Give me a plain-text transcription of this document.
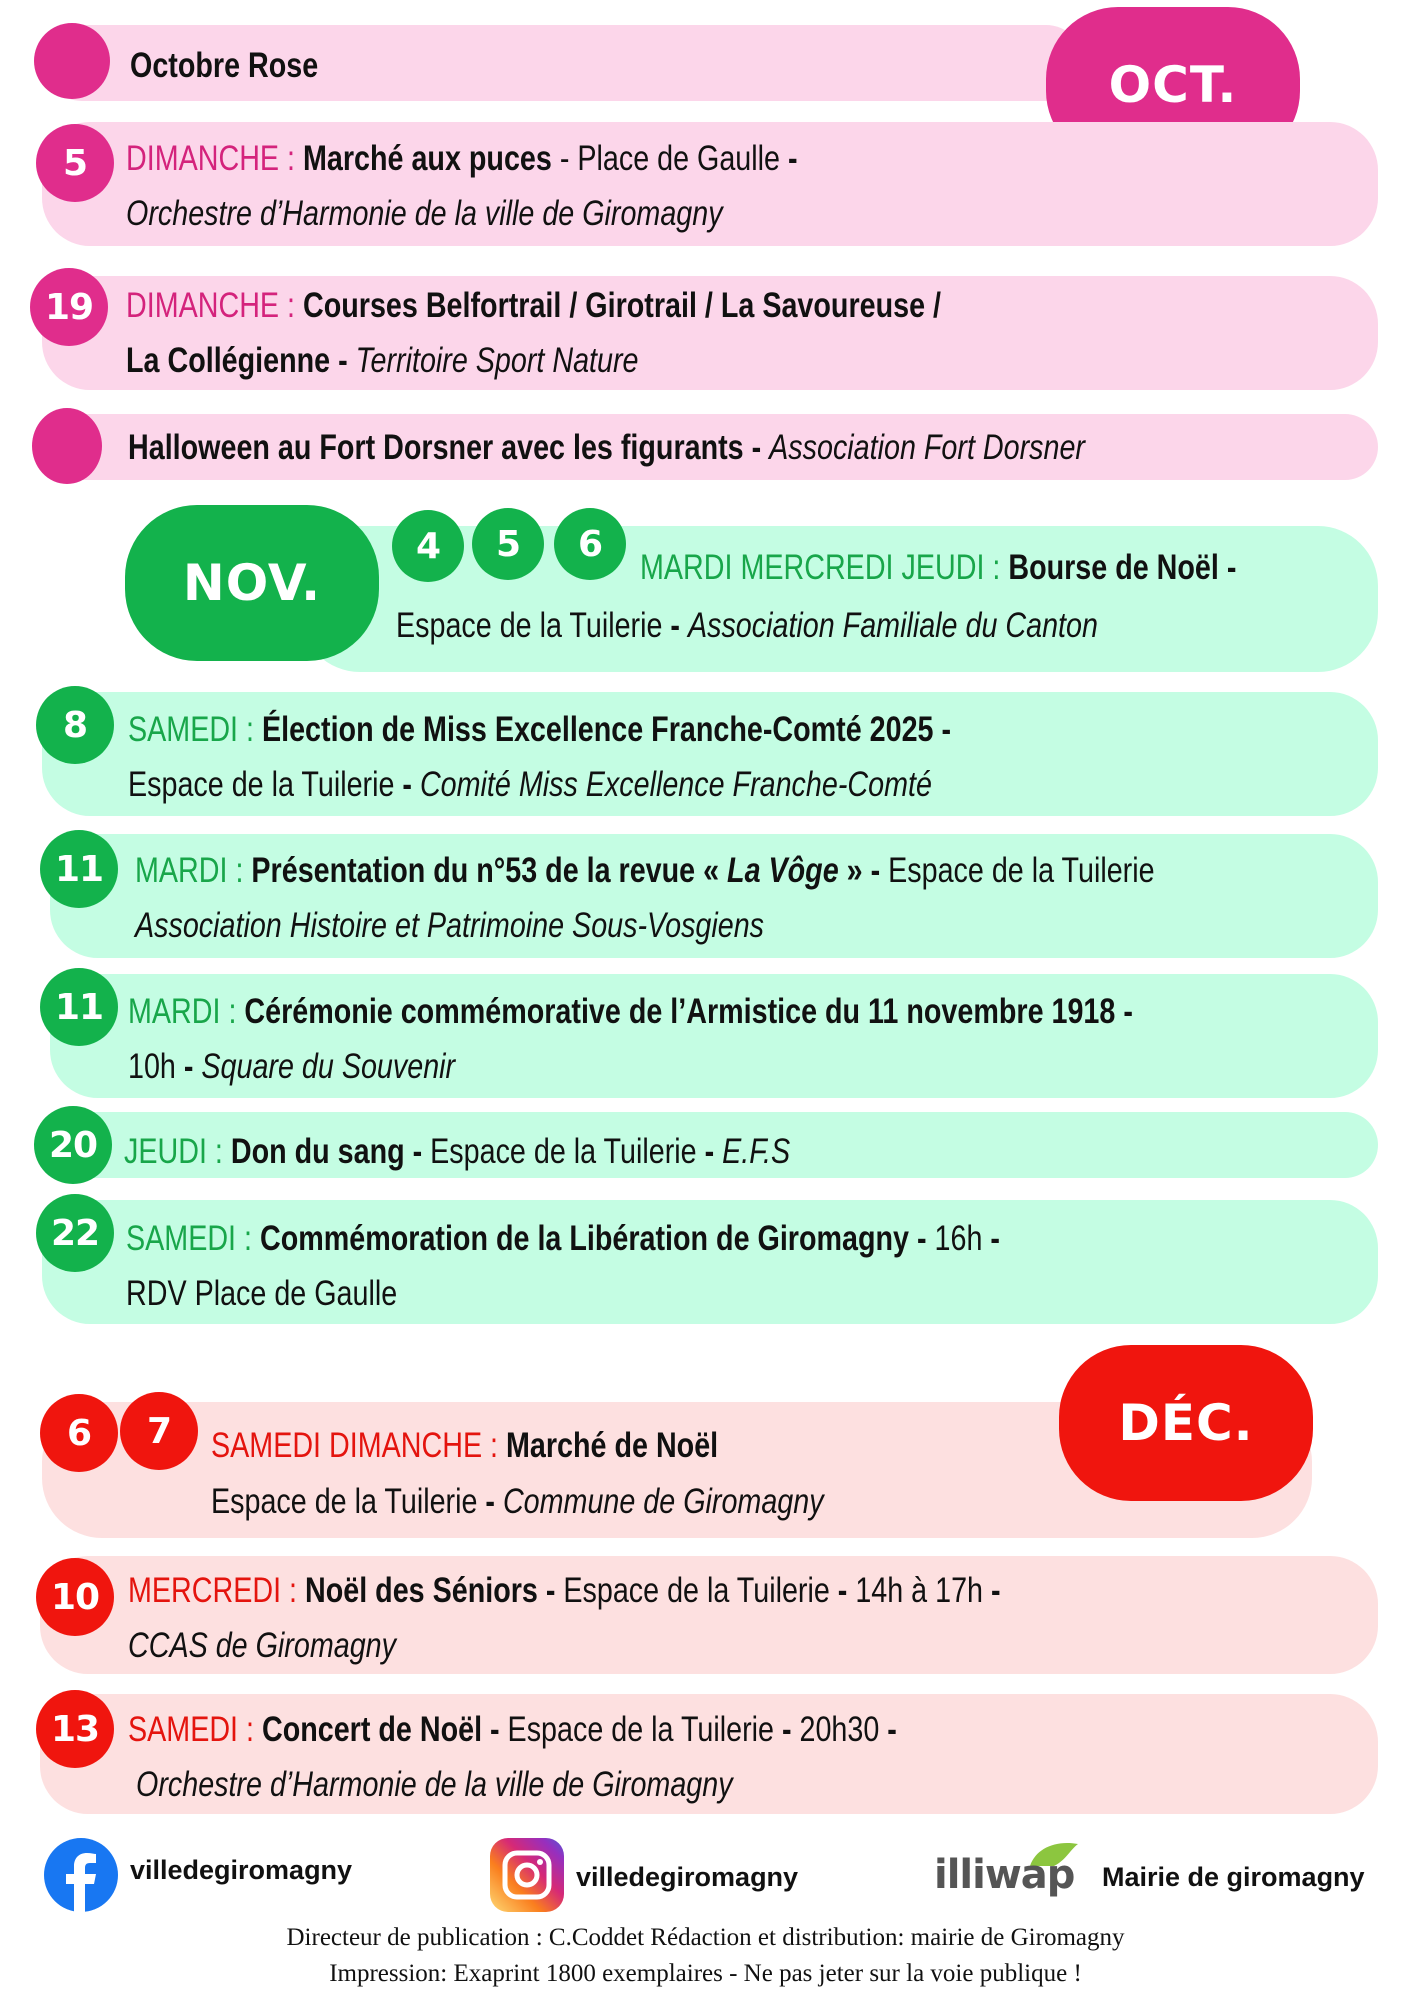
Octobre Rose	OCT.
5	DIMANCHE : Marché aux puces - Place de Gaulle -
Orchestre d’Harmonie de la ville de Giromagny
19 DIMANCHE : Courses Belfortrail / Girotrail / La Savoureuse /
La Collégienne - Territoire Sport Nature
Halloween au Fort Dorsner avec les figurants - Association Fort Dorsner
NOV.
4	5	6
MARDI MERCREDI JEUDI : Bourse de Noël -
Espace de la Tuilerie - Association Familiale du Canton
8	SAMEDI : Élection de Miss Excellence Franche-Comté 2025 -
Espace de la Tuilerie - Comité Miss Excellence Franche-Comté
11 MARDI : Présentation du n°53 de la revue « La Vôge » - Espace de la Tuilerie
Association Histoire et Patrimoine Sous-Vosgiens
11 MARDI : Cérémonie commémorative de l’Armistice du 11 novembre 1918 -
10h - Square du Souvenir
20 JEUDI : Don du sang - Espace de la Tuilerie - E.F.S
22 SAMEDI : Commémoration de la Libération de Giromagny - 16h -
RDV Place de Gaulle
DÉC.
6	7	SAMEDI DIMANCHE : Marché de Noël
Espace de la Tuilerie - Commune de Giromagny
10 MERCREDI : Noël des Séniors - Espace de la Tuilerie - 14h à 17h -
CCAS de Giromagny
13 SAMEDI : Concert de Noël - Espace de la Tuilerie - 20h30 -
Orchestre d’Harmonie de la ville de Giromagny
villedegiromagny	villedegiromagny	illiwap Mairie de giromagny
Directeur de publication : C.Coddet Rédaction et distribution: mairie de Giromagny
Impression: Exaprint 1800 exemplaires - Ne pas jeter sur la voie publique !
